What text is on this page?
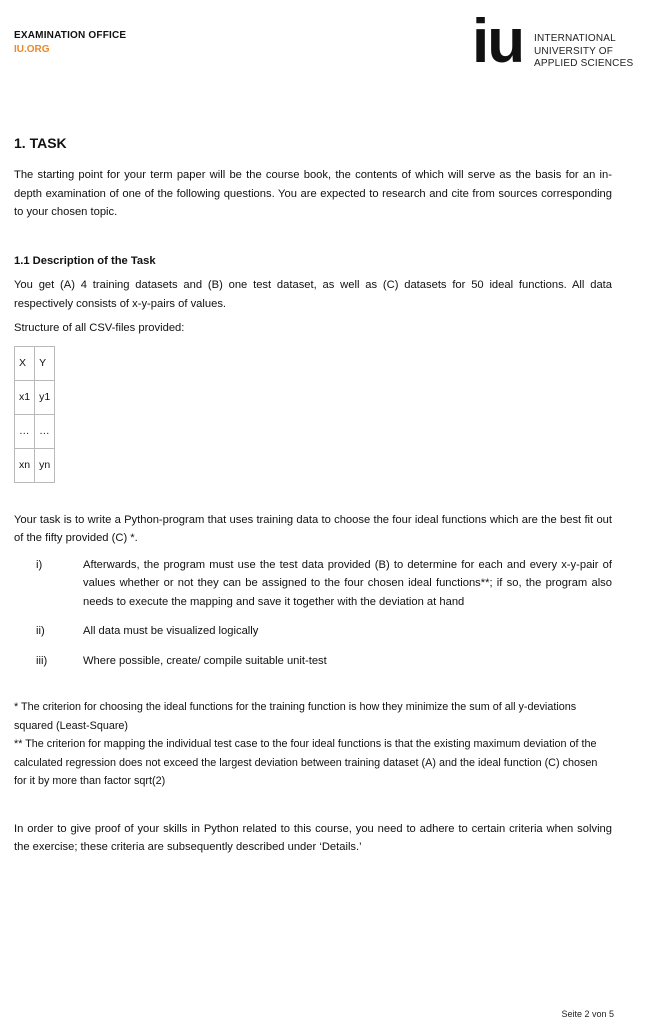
EXAMINATION OFFICE
IU.ORG	iu INTERNATIONAL
UNIVERSITY OF
APPLIED SCIENCES
1. TASK

The starting point for your term paper will be the course book, the contents of which will serve as the basis for an in-depth examination of one of the following questions. You are expected to research and cite from sources corresponding to your chosen topic.

1.1 Description of the Task

You get (A) 4 training datasets and (B) one test dataset, as well as (C) datasets for 50 ideal functions. All data respectively consists of x-y-pairs of values.

Structure of all CSV-files provided:

X	Y
x1	y1
…	…
xn	yn

Your task is to write a Python-program that uses training data to choose the four ideal functions which are the best fit out of the fifty provided (C) *.

i)	Afterwards, the program must use the test data provided (B) to determine for each and every x-y-pair of values whether or not they can be assigned to the four chosen ideal functions**; if so, the program also needs to execute the mapping and save it together with the deviation at hand
ii)	All data must be visualized logically
iii)	Where possible, create/ compile suitable unit-test
* The criterion for choosing the ideal functions for the training function is how they minimize the sum of all y-deviations squared (Least-Square)
** The criterion for mapping the individual test case to the four ideal functions is that the existing maximum deviation of the calculated regression does not exceed the largest deviation between training dataset (A) and the ideal function (C) chosen for it by more than factor sqrt(2)

In order to give proof of your skills in Python related to this course, you need to adhere to certain criteria when solving the exercise; these criteria are subsequently described under ‘Details.’

Seite 2 von 5
